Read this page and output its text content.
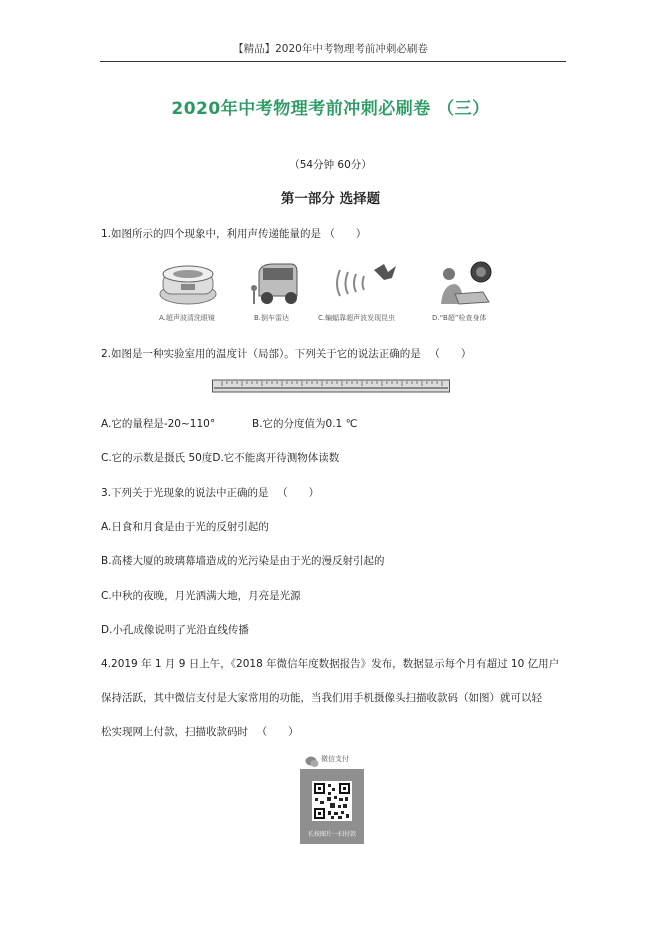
【精品】2020年中考物理考前冲刺必刷卷
2020年中考物理考前冲刺必刷卷 （三）
（54分钟 60分）
第一部分 选择题
1.如图所示的四个现象中，利用声传递能量的是 （　　）
A.超声波清洗眼镜	B.倒车雷达	C.蝙蝠靠超声波发现昆虫	D.“B超”检查身体
2.如图是一种实验室用的温度计（局部）。下列关于它的说法正确的是 　（　　）
A.它的量程是-20~110°	B.它的分度值为0.1 ℃
C.它的示数是摄氏 50度D.它不能离开待测物体读数
3.下列关于光现象的说法中正确的是 　（　　）
A.日食和月食是由于光的反射引起的
B.高楼大厦的玻璃幕墙造成的光污染是由于光的漫反射引起的
C.中秋的夜晚，月光洒满大地，月亮是光源
D.小孔成像说明了光沿直线传播
4.2019 年 1 月 9 日上午，《2018 年微信年度数据报告》发布，数据显示每个月有超过 10 亿用户
保持活跃，其中微信支付是大家常用的功能，当我们用手机摄像头扫描收款码（如图）就可以轻
松实现网上付款，扫描收款码时 　（　　）
微信支付
长按图片一扫付款
